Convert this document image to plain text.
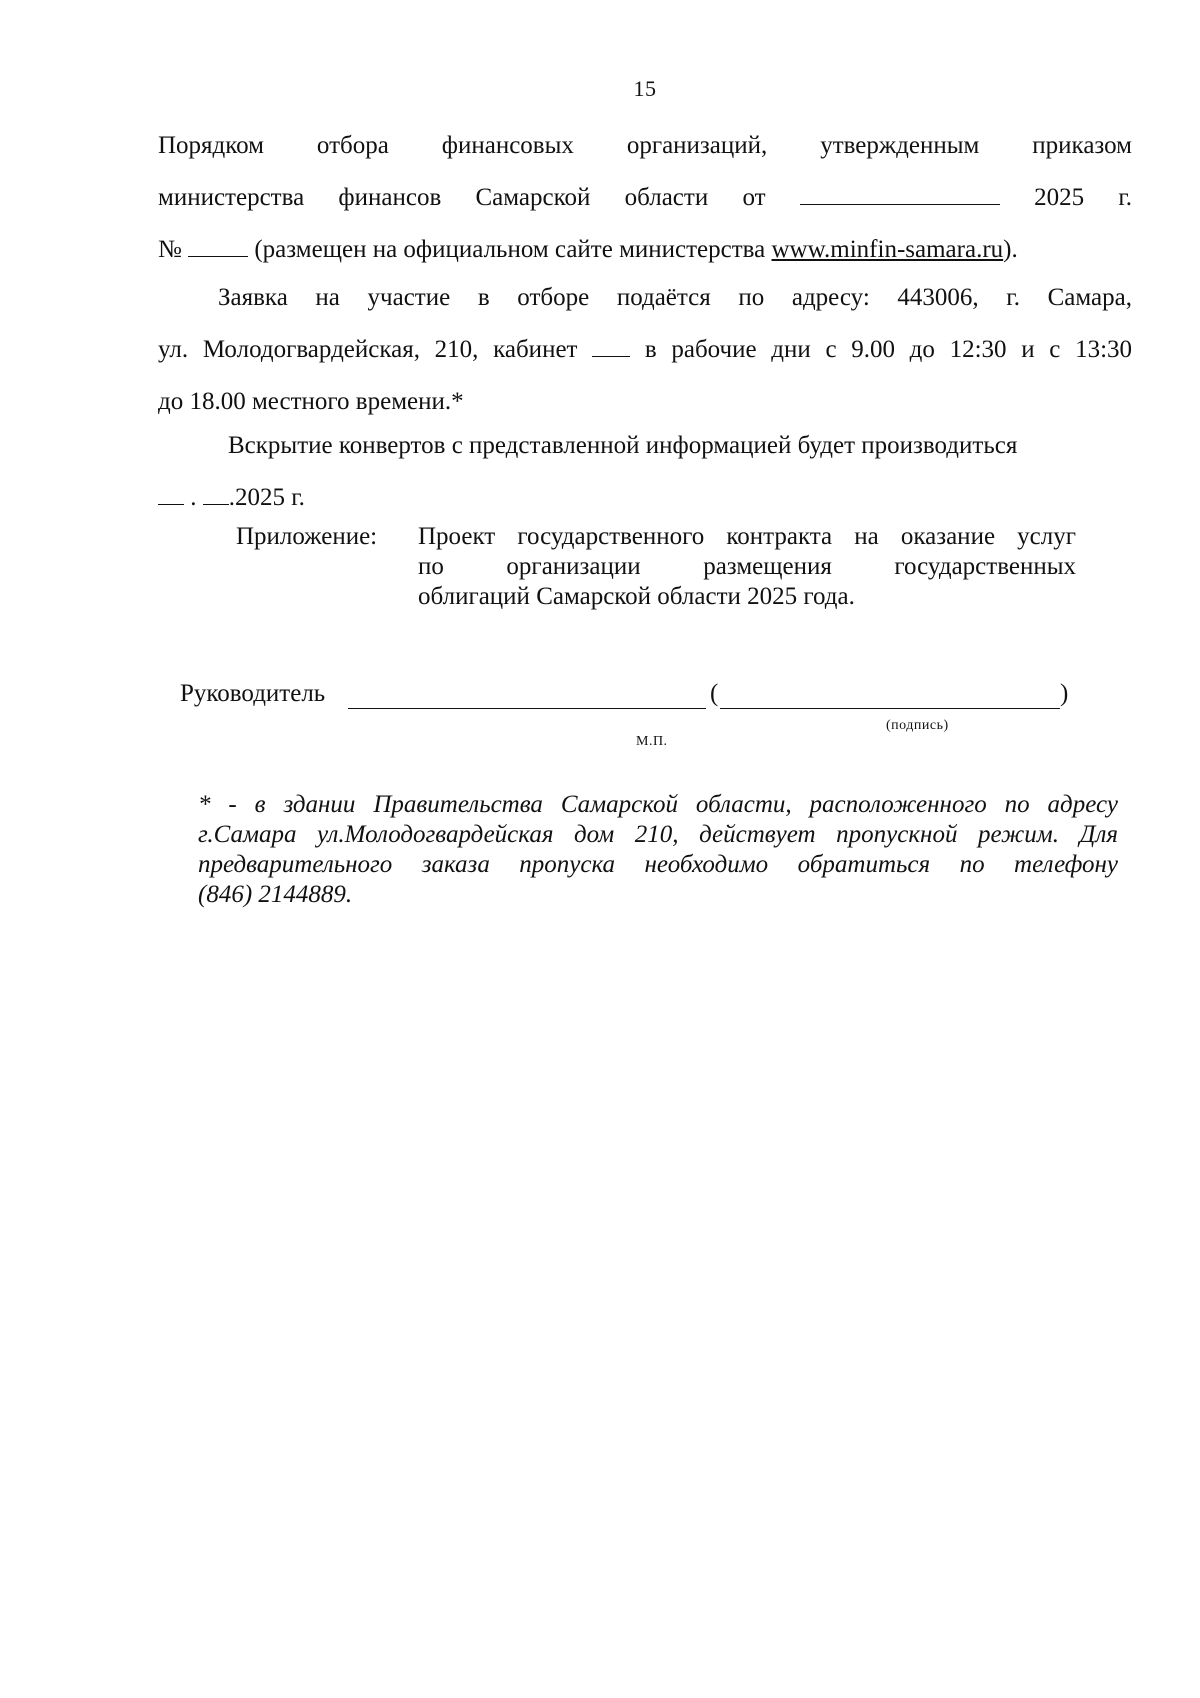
15
Порядком отбора финансовых организаций, утвержденным приказом
министерства финансов Самарской области от	2025 г.
№	(размещен на официальном сайте министерства www.minfin-samara.ru).
Заявка на участие в отборе подаётся по адресу: 443006, г. Самара,
ул. Молодогвардейская, 210, кабинет	в рабочие дни с 9.00 до 12:30 и с 13:30
до 18.00 местного времени.*
Вскрытие конвертов с представленной информацией будет производиться
. .2025 г.
Приложение:	Проект государственного контракта на оказание услуг
по организации размещения государственных
облигаций Самарской области 2025 года.
Руководитель	(	)
(подпись)
М.П.
* - в здании Правительства Самарской области, расположенного по адресу
г.Самара ул.Молодогвардейская дом 210, действует пропускной режим. Для
предварительного заказа пропуска необходимо обратиться по телефону
(846) 2144889.
